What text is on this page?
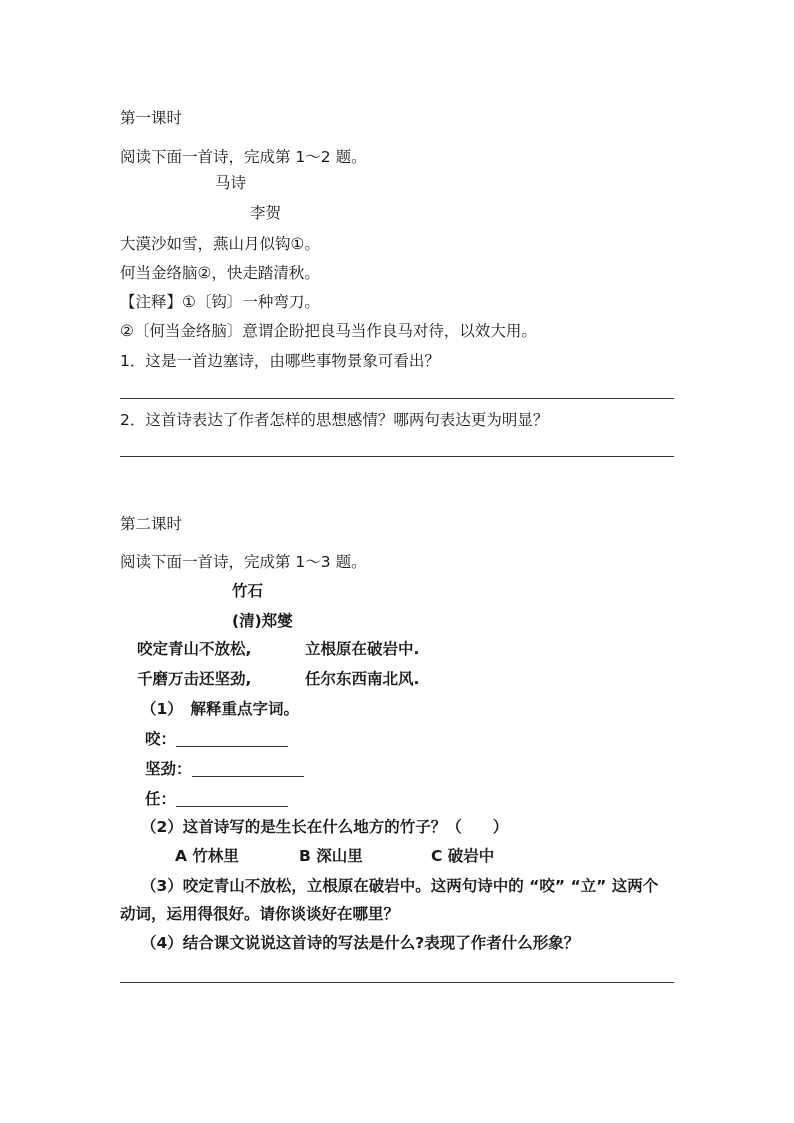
第一课时
阅读下面一首诗，完成第 1～2 题。
马诗
李贺
大漠沙如雪，燕山月似钩①。
何当金络脑②，快走踏清秋。
【注释】①〔钩〕一种弯刀。
②〔何当金络脑〕意谓企盼把良马当作良马对待，以效大用。
1．这是一首边塞诗，由哪些事物景象可看出？
2．这首诗表达了作者怎样的思想感情？哪两句表达更为明显？
第二课时
阅读下面一首诗，完成第 1～3 题。
竹石
(清)郑燮
咬定青山不放松,	立根原在破岩中.
千磨万击还坚劲,	任尔东西南北风.
（1）　解释重点字词。
咬：
坚劲：
任：
（2）这首诗写的是生长在什么地方的竹子？（　　）
A 竹林里	B 深山里	C 破岩中
（3）咬定青山不放松，立根原在破岩中。这两句诗中的 “咬” “立” 这两个
动词，运用得很好。请你谈谈好在哪里？
（4）结合课文说说这首诗的写法是什么?表现了作者什么形象？
